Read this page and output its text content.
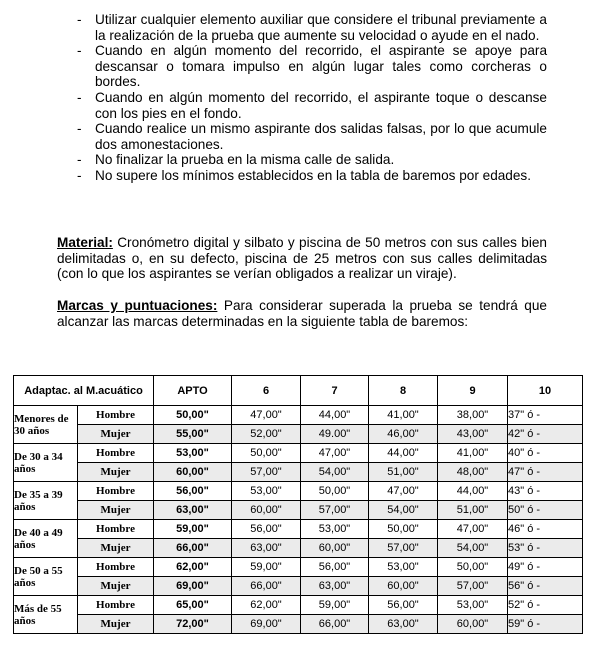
- Utilizar cualquier elemento auxiliar que considere el tribunal previamente a la realización de la prueba que aumente su velocidad o ayude en el nado.
- Cuando en algún momento del recorrido, el aspirante se apoye para descansar o tomara impulso en algún lugar tales como corcheras o bordes.
- Cuando en algún momento del recorrido, el aspirante toque o descanse con los pies en el fondo.
- Cuando realice un mismo aspirante dos salidas falsas, por lo que acumule dos amonestaciones.
- No finalizar la prueba en la misma calle de salida.
- No supere los mínimos establecidos en la tabla de baremos por edades.

Material: Cronómetro digital y silbato y piscina de 50 metros con sus calles bien delimitadas o, en su defecto, piscina de 25 metros con sus calles delimitadas (con lo que los aspirantes se verían obligados a realizar un viraje).

Marcas y puntuaciones: Para considerar superada la prueba se tendrá que alcanzar las marcas determinadas en la siguiente tabla de baremos:

Adaptac. al M.acuático		APTO	6	7	8	9	10
Menores de 30 años	Hombre	50,00"	47,00"	44,00"	41,00"	38,00"	37" ó -
	Mujer	55,00"	52,00"	49.00"	46,00"	43,00"	42" ó -
De 30 a 34 años	Hombre	53,00"	50,00"	47,00"	44,00"	41,00"	40" ó -
	Mujer	60,00"	57,00"	54,00"	51,00"	48,00"	47" ó -
De 35 a 39 años	Hombre	56,00"	53,00"	50,00"	47,00"	44,00"	43" ó -
	Mujer	63,00"	60,00"	57,00"	54,00"	51,00"	50" ó -
De 40 a 49 años	Hombre	59,00"	56,00"	53,00"	50,00"	47,00"	46" ó -
	Mujer	66,00"	63,00"	60,00"	57,00"	54,00"	53" ó -
De 50 a 55 años	Hombre	62,00"	59,00"	56,00"	53,00"	50,00"	49" ó -
	Mujer	69,00"	66,00"	63,00"	60,00"	57,00"	56" ó -
Más de 55 años	Hombre	65,00"	62,00"	59,00"	56,00"	53,00"	52" ó -
	Mujer	72,00"	69,00"	66,00"	63,00"	60,00"	59" ó -
